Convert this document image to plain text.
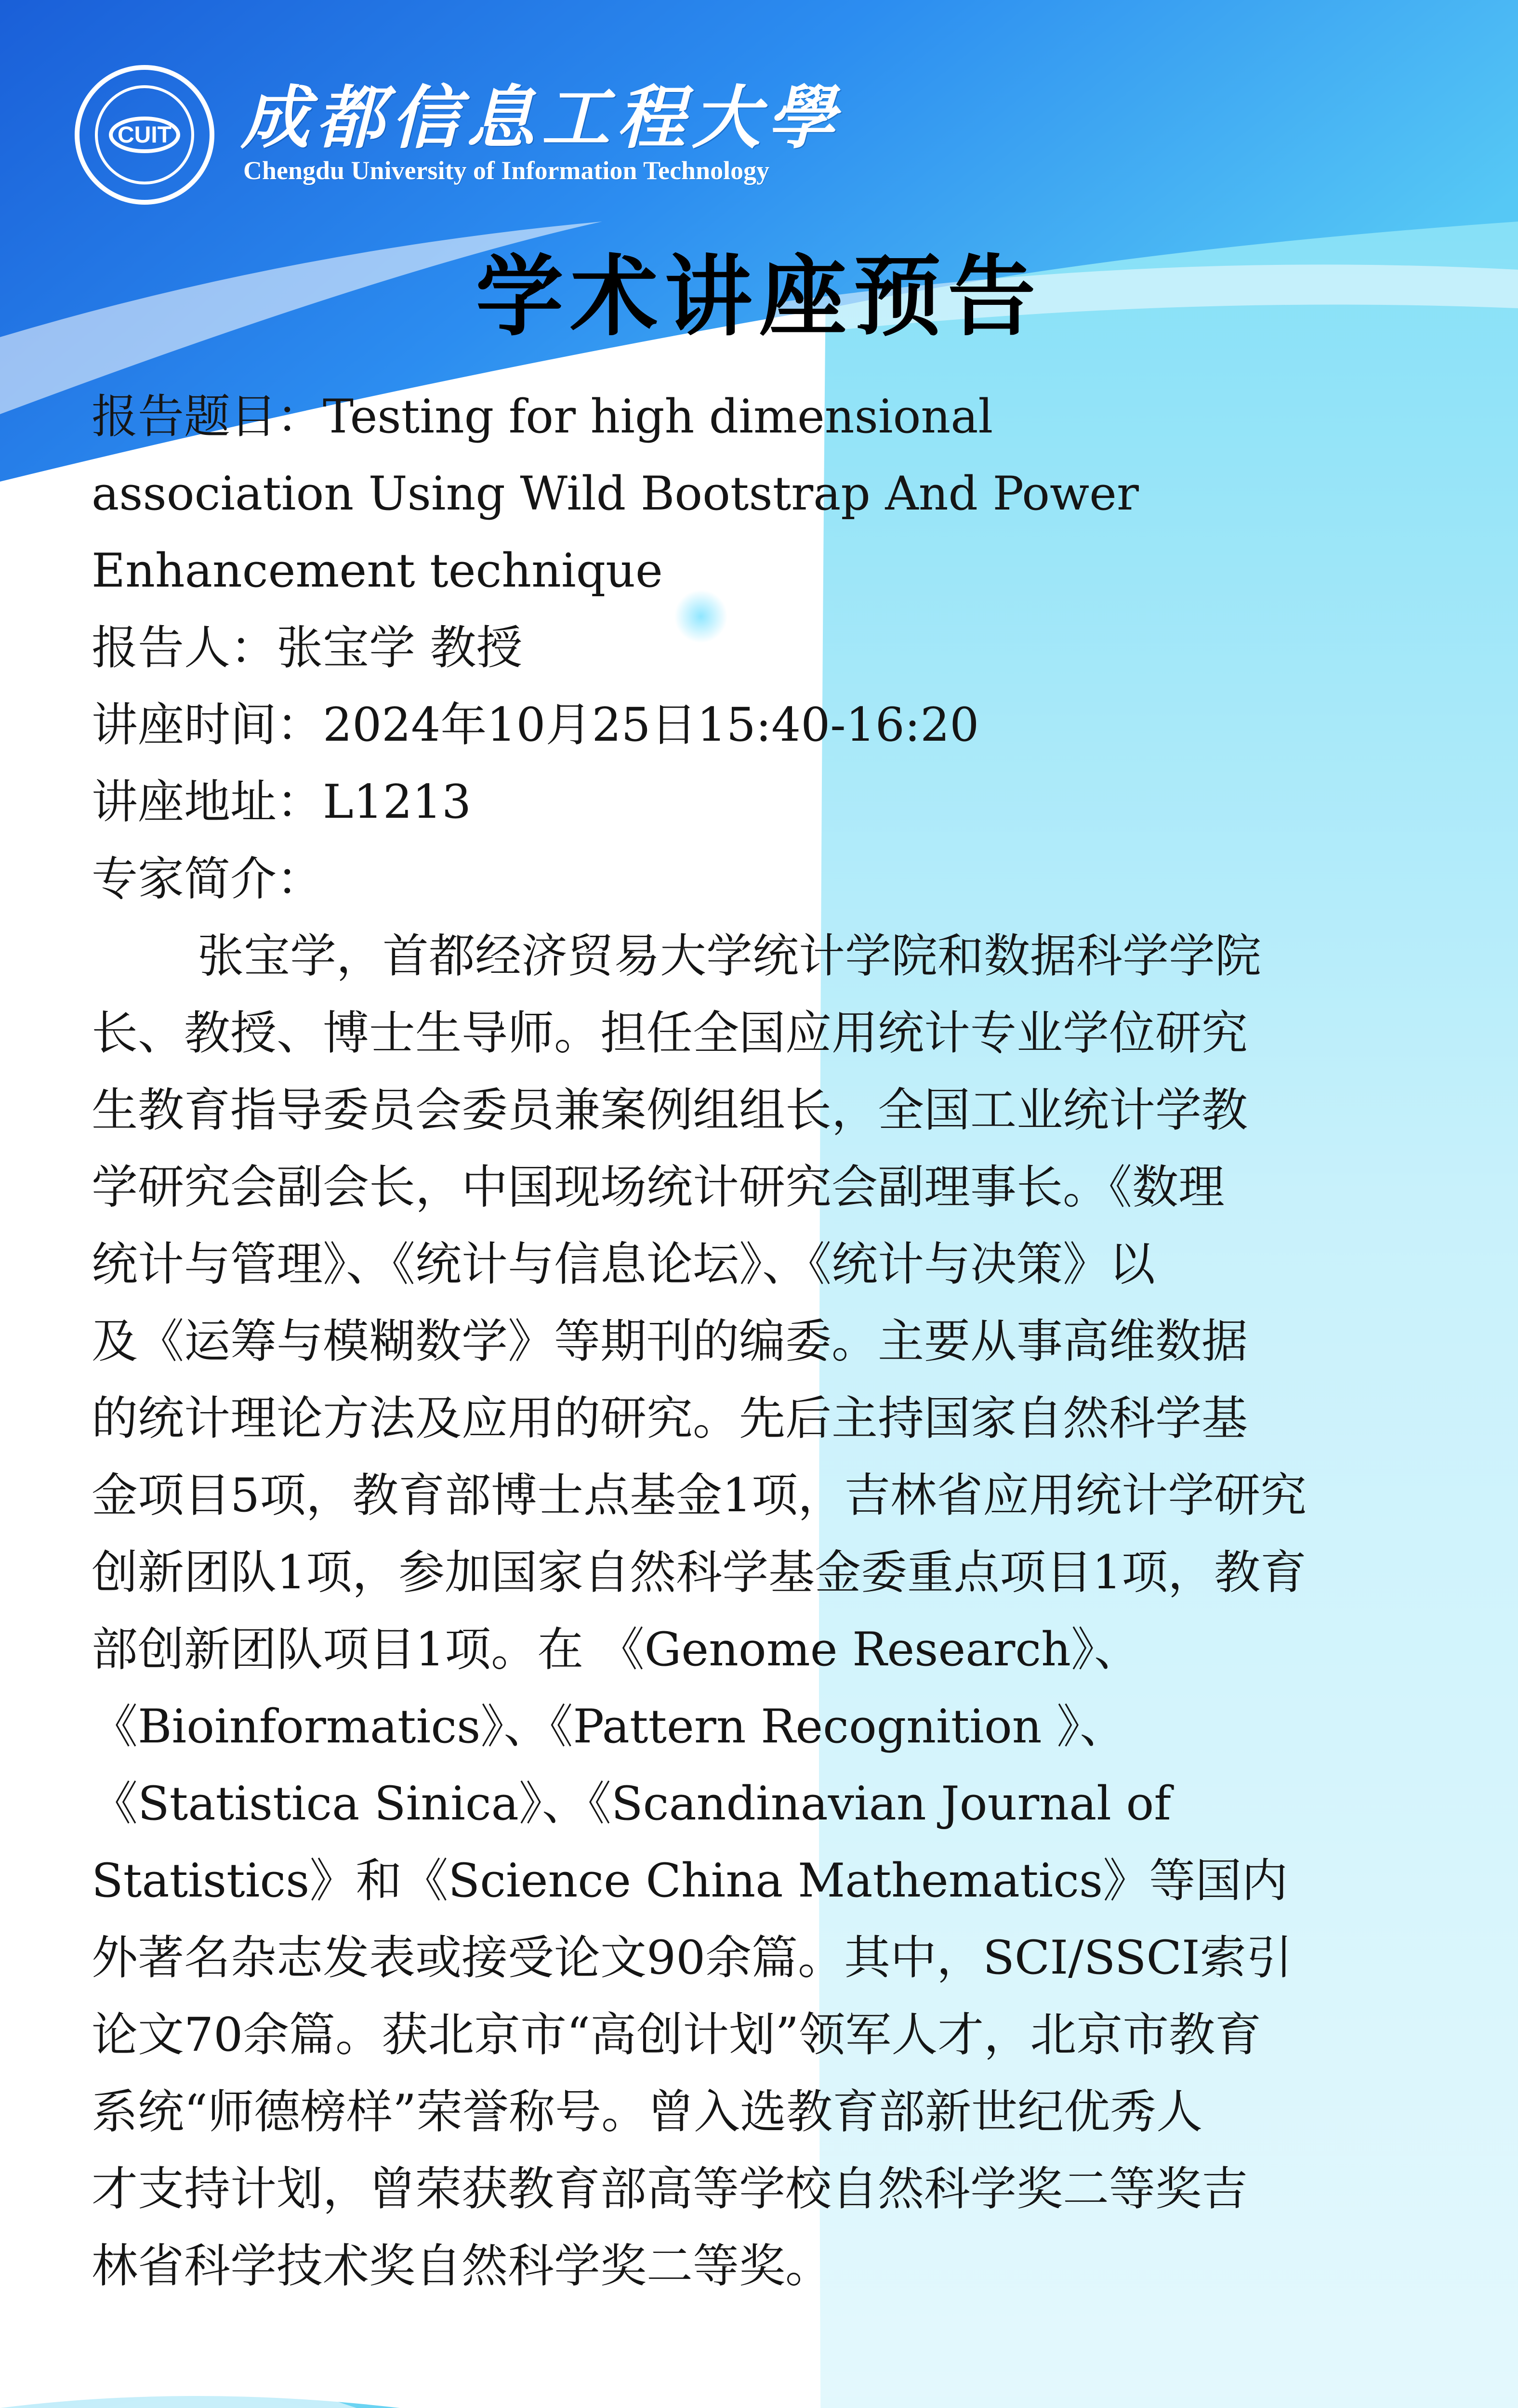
CUIT 成都信息工程大學
Chengdu University of Information Technology
学术讲座预告
报告题目：Testing for high dimensional
association Using Wild Bootstrap And Power
Enhancement technique
报告人：张宝学 教授
讲座时间：2024年10月25日15:40-16:20
讲座地址：L1213
专家简介：
张宝学，首都经济贸易大学统计学院和数据科学学院
长、教授、博士生导师。担任全国应用统计专业学位研究
生教育指导委员会委员兼案例组组长，全国工业统计学教
学研究会副会长，中国现场统计研究会副理事长。《数理
统计与管理》、《统计与信息论坛》、《统计与决策》以
及《运筹与模糊数学》等期刊的编委。主要从事高维数据
的统计理论方法及应用的研究。先后主持国家自然科学基
金项目5项，教育部博士点基金1项，吉林省应用统计学研究
创新团队1项，参加国家自然科学基金委重点项目1项，教育
部创新团队项目1项。在 《Genome Research》、
《Bioinformatics》、《Pattern Recognition 》、
《Statistica Sinica》、《Scandinavian Journal of
Statistics》和《Science China Mathematics》等国内
外著名杂志发表或接受论文90余篇。其中，SCI/SSCI索引
论文70余篇。获北京市“高创计划”领军人才，北京市教育
系统“师德榜样”荣誉称号。曾入选教育部新世纪优秀人
才支持计划，曾荣获教育部高等学校自然科学奖二等奖吉
林省科学技术奖自然科学奖二等奖。
